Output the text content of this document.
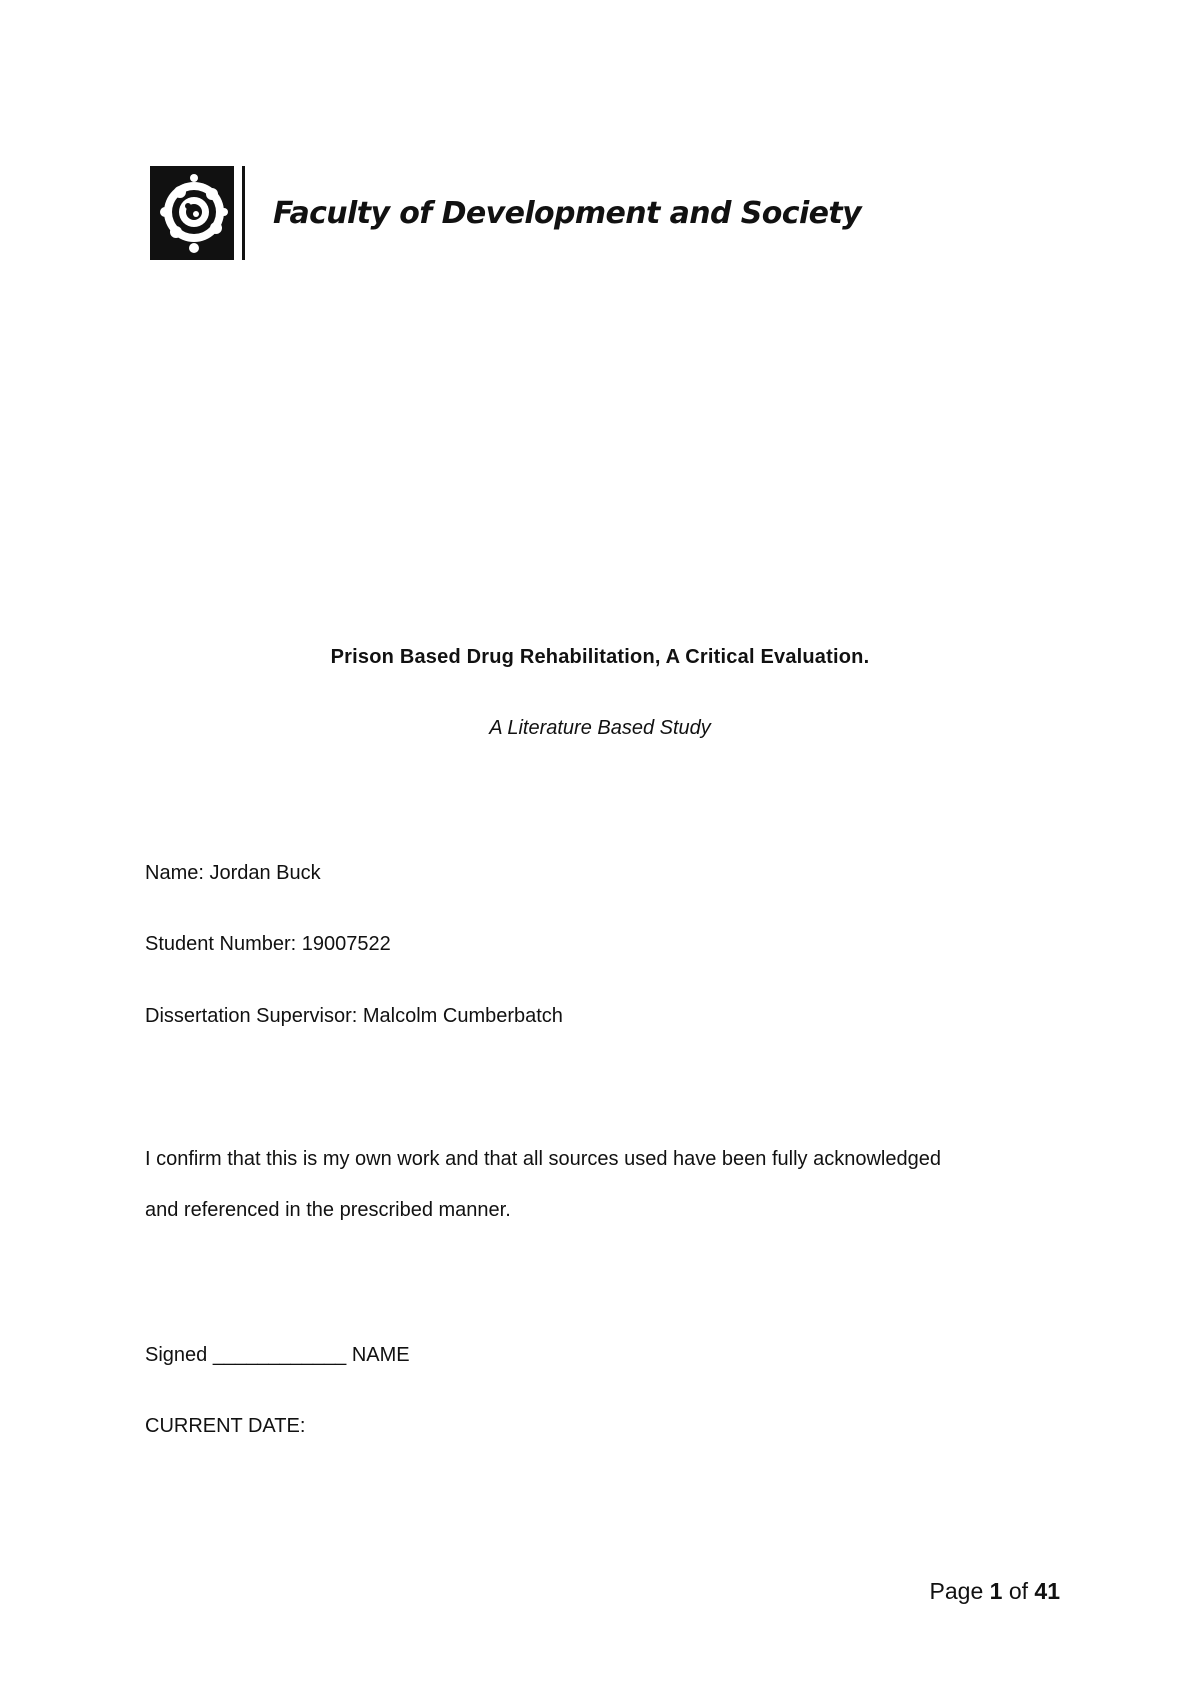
Faculty of Development and Society
Prison Based Drug Rehabilitation, A Critical Evaluation.
A Literature Based Study
Name: Jordan Buck
Student Number: 19007522
Dissertation Supervisor: Malcolm Cumberbatch
I confirm that this is my own work and that all sources used have been fully acknowledged
and referenced in the prescribed manner.
Signed ____________ NAME
CURRENT DATE:
Page 1 of 41
